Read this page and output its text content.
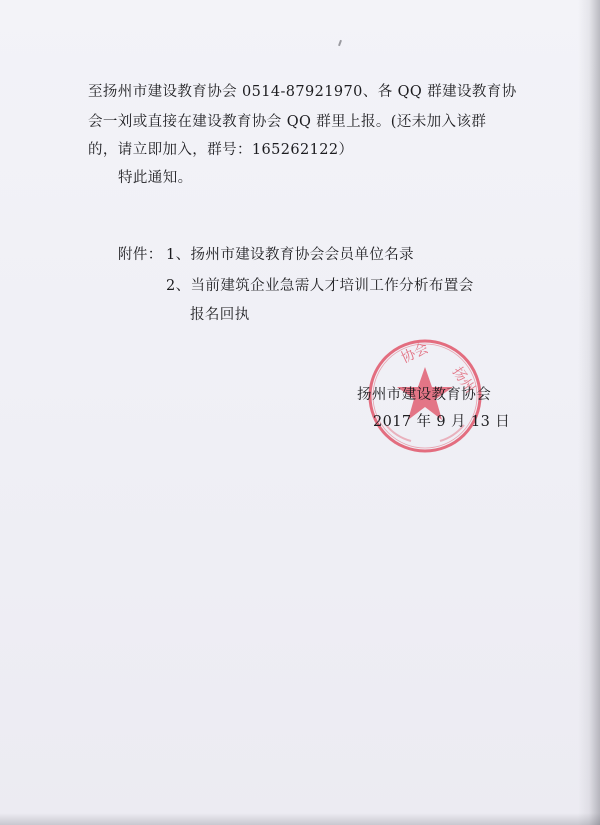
至扬州市建设教育协会 0514-87921970、各 QQ 群建设教育协
会一刘或直接在建设教育协会 QQ 群里上报。(还未加入该群
的，请立即加入，群号：165262122）
特此通知。
附件： 1、扬州市建设教育协会会员单位名录
2、当前建筑企业急需人才培训工作分析布置会
报名回执
协会
扬州
扬州市建设教育协会
2017 年 9 月 13 日
